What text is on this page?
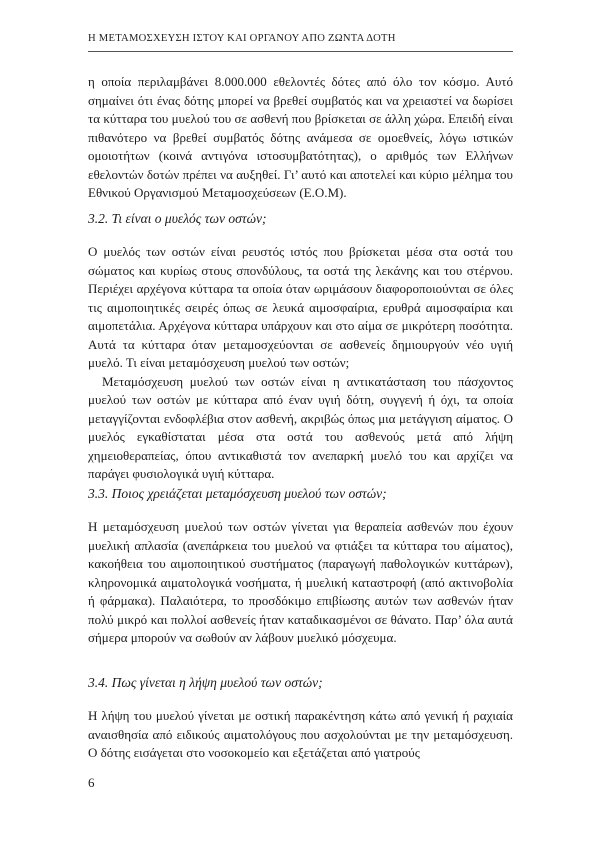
Η ΜΕΤΑΜΟΣΧΕΥΣΗ ΙΣΤΟΥ ΚΑΙ ΟΡΓΑΝΟΥ ΑΠΟ ΖΩΝΤΑ ΔΟΤΗ

η οποία περιλαμβάνει 8.000.000 εθελοντές δότες από όλο τον κόσμο. Αυτό σημαίνει ότι ένας δότης μπορεί να βρεθεί συμβατός και να χρειαστεί να δωρίσει τα κύτταρα του μυελού του σε ασθενή που βρίσκεται σε άλλη χώρα. Επειδή είναι πιθανότερο να βρεθεί συμβατός δότης ανάμεσα σε ομοεθνείς, λόγω ιστικών ομοιοτήτων (κοινά αντιγόνα ιστοσυμβατότητας), ο αριθμός των Ελλήνων εθελοντών δοτών πρέπει να αυξηθεί. Γι’ αυτό και αποτελεί και κύριο μέλημα του Εθνικού Οργανισμού Μεταμοσχεύσεων (Ε.Ο.Μ).

3.2. Τι είναι ο μυελός των οστών;

Ο μυελός των οστών είναι ρευστός ιστός που βρίσκεται μέσα στα οστά του σώματος και κυρίως στους σπονδύλους, τα οστά της λεκάνης και του στέρνου. Περιέχει αρχέγονα κύτταρα τα οποία όταν ωριμάσουν διαφοροποιούνται σε όλες τις αιμοποιητικές σειρές όπως σε λευκά αιμοσφαίρια, ερυθρά αιμοσφαίρια και αιμοπετάλια. Αρχέγονα κύτταρα υπάρχουν και στο αίμα σε μικρότερη ποσότητα. Αυτά τα κύτταρα όταν μεταμοσχεύονται σε ασθενείς δημιουργούν νέο υγιή μυελό. Τι είναι μεταμόσχευση μυελού των οστών;

Μεταμόσχευση μυελού των οστών είναι η αντικατάσταση του πάσχοντος μυελού των οστών με κύτταρα από έναν υγιή δότη, συγγενή ή όχι, τα οποία μεταγγίζονται ενδοφλέβια στον ασθενή, ακριβώς όπως μια μετάγγιση αίματος. Ο μυελός εγκαθίσταται μέσα στα οστά του ασθενούς μετά από λήψη χημειοθεραπείας, όπου αντικαθιστά τον ανεπαρκή μυελό του και αρχίζει να παράγει φυσιολογικά υγιή κύτταρα.

3.3. Ποιος χρειάζεται μεταμόσχευση μυελού των οστών;

Η μεταμόσχευση μυελού των οστών γίνεται για θεραπεία ασθενών που έχουν μυελική απλασία (ανεπάρκεια του μυελού να φτιάξει τα κύτταρα του αίματος), κακοήθεια του αιμοποιητικού συστήματος (παραγωγή παθολογικών κυττάρων), κληρονομικά αιματολογικά νοσήματα, ή μυελική καταστροφή (από ακτινοβολία ή φάρμακα). Παλαιότερα, το προσδόκιμο επιβίωσης αυτών των ασθενών ήταν πολύ μικρό και πολλοί ασθενείς ήταν καταδικασμένοι σε θάνατο. Παρ’ όλα αυτά σήμερα μπορούν να σωθούν αν λάβουν μυελικό μόσχευμα.

3.4. Πως γίνεται η λήψη μυελού των οστών;

Η λήψη του μυελού γίνεται με οστική παρακέντηση κάτω από γενική ή ραχιαία αναισθησία από ειδικούς αιματολόγους που ασχολούνται με την μεταμόσχευση. Ο δότης εισάγεται στο νοσοκομείο και εξετάζεται από γιατρούς

6
